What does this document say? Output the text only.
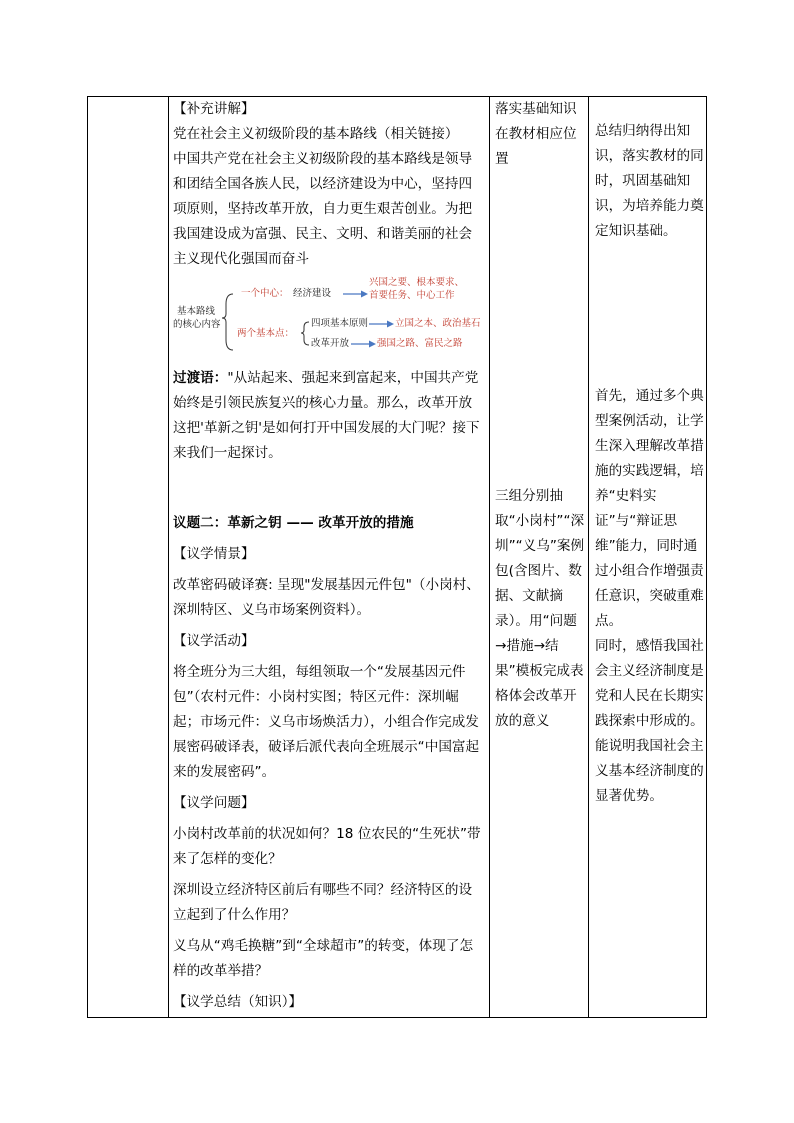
【补充讲解】

党在社会主义初级阶段的基本路线（相关链接）

中国共产党在社会主义初级阶段的基本路线是领导和团结全国各族人民，以经济建设为中心，坚持四项原则，坚持改革开放，自力更生艰苦创业。为把我国建设成为富强、民主、文明、和谐美丽的社会主义现代化强国而奋斗

基本路线
的核心内容
一个中心： 经济建设
兴国之要、根本要求、
首要任务、中心工作
两个基本点：
四项基本原则	立国之本、政治基石
改革开放	强国之路、富民之路

过渡语："从站起来、强起来到富起来，中国共产党始终是引领民族复兴的核心力量。那么，改革开放这把'革新之钥'是如何打开中国发展的大门呢？接下来我们一起探讨。

议题二：革新之钥 —— 改革开放的措施

【议学情景】

改革密码破译赛: 呈现"发展基因元件包"（小岗村、深圳特区、义乌市场案例资料）。

【议学活动】

将全班分为三大组，每组领取一个“发展基因元件包”（农村元件：小岗村实图；特区元件：深圳崛起；市场元件：义乌市场焕活力），小组合作完成发展密码破译表，破译后派代表向全班展示“中国富起来的发展密码”。

【议学问题】

小岗村改革前的状况如何？18 位农民的“生死状”带来了怎样的变化？

深圳设立经济特区前后有哪些不同？经济特区的设立起到了什么作用？

义乌从“鸡毛换糖”到“全球超市”的转变，体现了怎样的改革举措？

【议学总结（知识）】

落实基础知识在教材相应位置

三组分别抽取“小岗村”“深圳”“义乌”案例包(含图片、数据、文献摘录）。用“问题→措施→结果”模板完成表格体会改革开放的意义

总结归纳得出知识，落实教材的同时，巩固基础知识，为培养能力奠定知识基础。

首先，通过多个典型案例活动，让学生深入理解改革措施的实践逻辑，培养“史料实证”与“辩证思维”能力，同时通过小组合作增强责任意识，突破重难点。

同时，感悟我国社会主义经济制度是党和人民在长期实践探索中形成的。能说明我国社会主义基本经济制度的显著优势。
